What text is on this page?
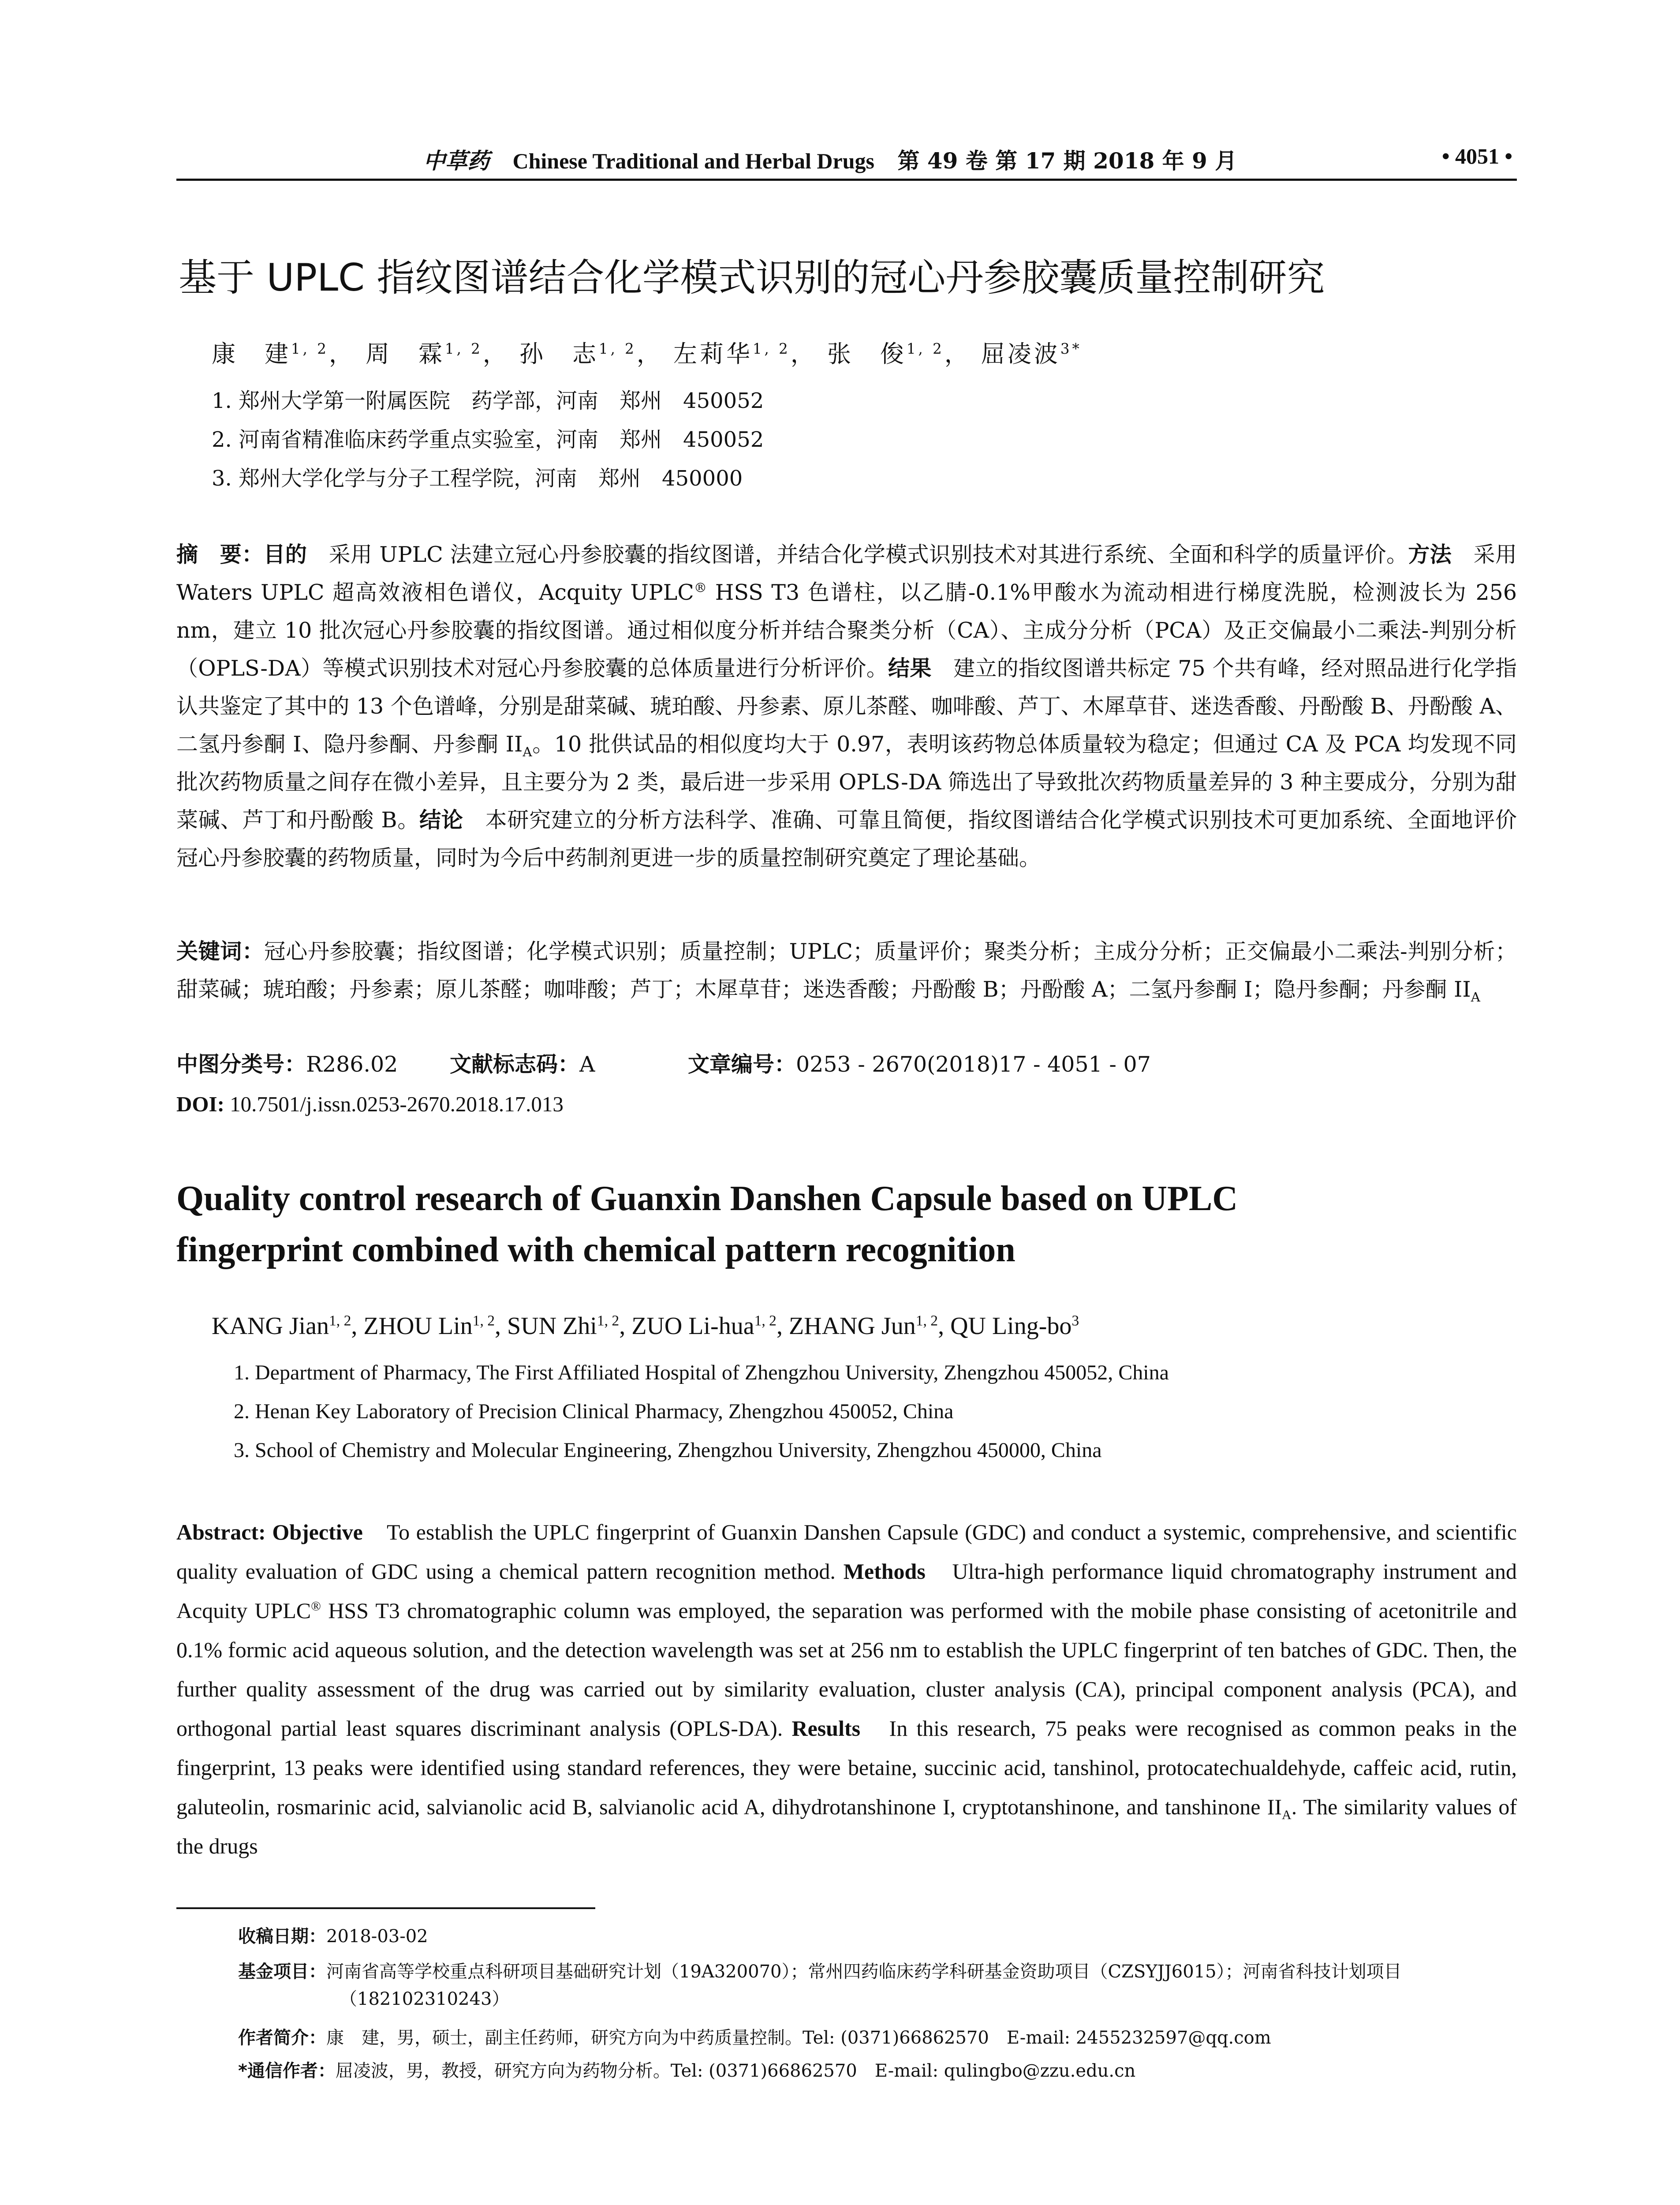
中草药 Chinese Traditional and Herbal Drugs 第 49 卷 第 17 期 2018 年 9 月	• 4051 •
基于 UPLC 指纹图谱结合化学模式识别的冠心丹参胶囊质量控制研究
康　建$^{1, 2}$， 周　霖$^{1, 2}$， 孙　志$^{1, 2}$， 左莉华$^{1, 2}$， 张　俊$^{1, 2}$， 屈凌波$^{3*}$
1. 郑州大学第一附属医院　药学部，河南　郑州　450052
2. 河南省精准临床药学重点实验室，河南　郑州　450052
3. 郑州大学化学与分子工程学院，河南　郑州　450000
摘　要：目的　采用 UPLC 法建立冠心丹参胶囊的指纹图谱，并结合化学模式识别技术对其进行系统、全面和科学的质量评价。方法　采用 Waters UPLC 超高效液相色谱仪，Acquity UPLC® HSS T3 色谱柱，以乙腈-0.1%甲酸水为流动相进行梯度洗脱，检测波长为 256 nm，建立 10 批次冠心丹参胶囊的指纹图谱。通过相似度分析并结合聚类分析（CA）、主成分分析（PCA）及正交偏最小二乘法-判别分析（OPLS-DA）等模式识别技术对冠心丹参胶囊的总体质量进行分析评价。结果　建立的指纹图谱共标定 75 个共有峰，经对照品进行化学指认共鉴定了其中的 13 个色谱峰，分别是甜菜碱、琥珀酸、丹参素、原儿茶醛、咖啡酸、芦丁、木犀草苷、迷迭香酸、丹酚酸 B、丹酚酸 A、二氢丹参酮 I、隐丹参酮、丹参酮 $II_A$。10 批供试品的相似度均大于 0.97，表明该药物总体质量较为稳定；但通过 CA 及 PCA 均发现不同批次药物质量之间存在微小差异，且主要分为 2 类，最后进一步采用 OPLS-DA 筛选出了导致批次药物质量差异的 3 种主要成分，分别为甜菜碱、芦丁和丹酚酸 B。结论　本研究建立的分析方法科学、准确、可靠且简便，指纹图谱结合化学模式识别技术可更加系统、全面地评价冠心丹参胶囊的药物质量，同时为今后中药制剂更进一步的质量控制研究奠定了理论基础。
关键词：冠心丹参胶囊；指纹图谱；化学模式识别；质量控制；UPLC；质量评价；聚类分析；主成分分析；正交偏最小二乘法-判别分析；甜菜碱；琥珀酸；丹参素；原儿茶醛；咖啡酸；芦丁；木犀草苷；迷迭香酸；丹酚酸 B；丹酚酸 A；二氢丹参酮 I；隐丹参酮；丹参酮 $II_A$
中图分类号：R286.02 文献标志码：A	文章编号：0253 - 2670(2018)17 - 4051 - 07
DOI: 10.7501/j.issn.0253-2670.2018.17.013
Quality control research of Guanxin Danshen Capsule based on UPLC
fingerprint combined with chemical pattern recognition
KANG Jian$^{1, 2}$, ZHOU Lin$^{1, 2}$, SUN Zhi$^{1, 2}$, ZUO Li-hua$^{1, 2}$, ZHANG Jun$^{1, 2}$, QU Ling-$bo^3$
1. Department of Pharmacy, The First Affiliated Hospital of Zhengzhou University, Zhengzhou 450052, China
2. Henan Key Laboratory of Precision Clinical Pharmacy, Zhengzhou 450052, China
3. School of Chemistry and Molecular Engineering, Zhengzhou University, Zhengzhou 450000, China
Abstract: Objective　To establish the UPLC fingerprint of Guanxin Danshen Capsule (GDC) and conduct a systemic, comprehensive, and scientific quality evaluation of GDC using a chemical pattern recognition method. Methods　Ultra-high performance liquid chromatography instrument and Acquity UPLC® HSS T3 chromatographic column was employed, the separation was performed with the mobile phase consisting of acetonitrile and 0.1% formic acid aqueous solution, and the detection wavelength was set at 256 nm to establish the UPLC fingerprint of ten batches of GDC. Then, the further quality assessment of the drug was carried out by similarity evaluation, cluster analysis (CA), principal component analysis (PCA), and orthogonal partial least squares discriminant analysis (OPLS-DA). Results　In this research, 75 peaks were recognised as common peaks in the fingerprint, 13 peaks were identified using standard references, they were betaine, succinic acid, tanshinol, protocatechualdehyde, caffeic acid, rutin, galuteolin, rosmarinic acid, salvianolic acid B, salvianolic acid A, dihydrotanshinone I, cryptotanshinone, and tanshinone $II_A$. The similarity values of the drugs
收稿日期：2018-03-02
基金项目：河南省高等学校重点科研项目基础研究计划（19A320070）；常州四药临床药学科研基金资助项目（CZSYJJ6015）；河南省科技计划项目（182102310243）
作者简介：康　建，男，硕士，副主任药师，研究方向为中药质量控制。Tel: (0371)66862570　E-mail: 2455232597@qq.com
*通信作者：屈凌波，男，教授，研究方向为药物分析。Tel: (0371)66862570　E-mail: qulingbo@zzu.edu.cn
